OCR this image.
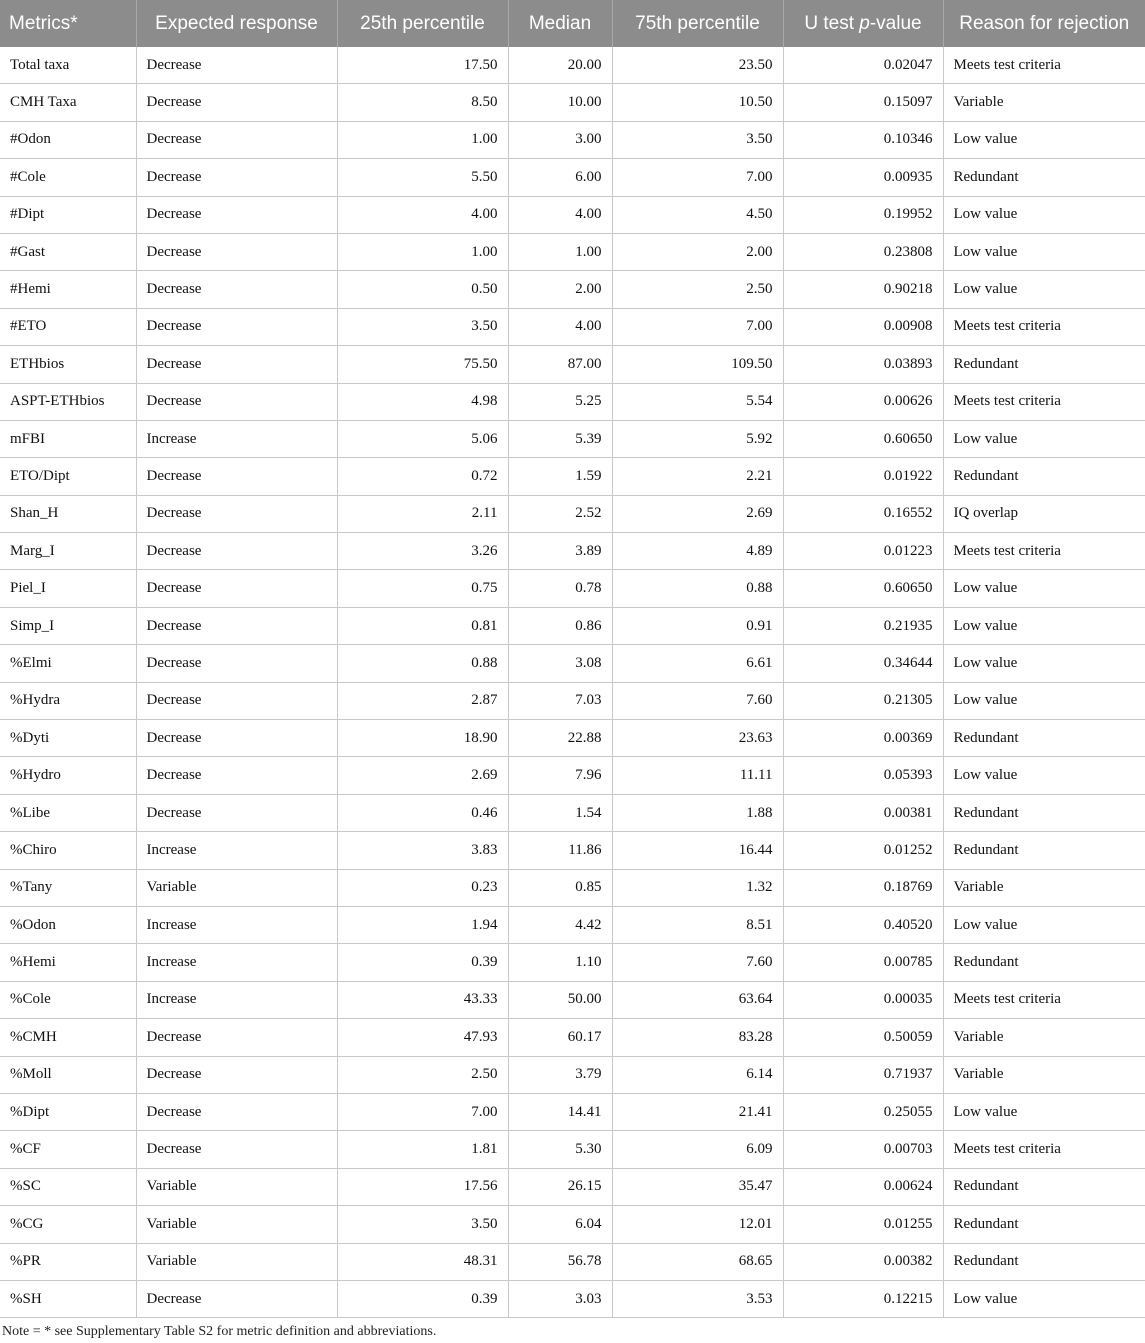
Metrics*	Expected response	25th percentile	Median	75th percentile	U test p-value	Reason for rejection
Total taxa	Decrease	17.50	20.00	23.50	0.02047	Meets test criteria
CMH Taxa	Decrease	8.50	10.00	10.50	0.15097	Variable
#Odon	Decrease	1.00	3.00	3.50	0.10346	Low value
#Cole	Decrease	5.50	6.00	7.00	0.00935	Redundant
#Dipt	Decrease	4.00	4.00	4.50	0.19952	Low value
#Gast	Decrease	1.00	1.00	2.00	0.23808	Low value
#Hemi	Decrease	0.50	2.00	2.50	0.90218	Low value
#ETO	Decrease	3.50	4.00	7.00	0.00908	Meets test criteria
ETHbios	Decrease	75.50	87.00	109.50	0.03893	Redundant
ASPT-ETHbios	Decrease	4.98	5.25	5.54	0.00626	Meets test criteria
mFBI	Increase	5.06	5.39	5.92	0.60650	Low value
ETO/Dipt	Decrease	0.72	1.59	2.21	0.01922	Redundant
Shan_H	Decrease	2.11	2.52	2.69	0.16552	IQ overlap
Marg_I	Decrease	3.26	3.89	4.89	0.01223	Meets test criteria
Piel_I	Decrease	0.75	0.78	0.88	0.60650	Low value
Simp_I	Decrease	0.81	0.86	0.91	0.21935	Low value
%Elmi	Decrease	0.88	3.08	6.61	0.34644	Low value
%Hydra	Decrease	2.87	7.03	7.60	0.21305	Low value
%Dyti	Decrease	18.90	22.88	23.63	0.00369	Redundant
%Hydro	Decrease	2.69	7.96	11.11	0.05393	Low value
%Libe	Decrease	0.46	1.54	1.88	0.00381	Redundant
%Chiro	Increase	3.83	11.86	16.44	0.01252	Redundant
%Tany	Variable	0.23	0.85	1.32	0.18769	Variable
%Odon	Increase	1.94	4.42	8.51	0.40520	Low value
%Hemi	Increase	0.39	1.10	7.60	0.00785	Redundant
%Cole	Increase	43.33	50.00	63.64	0.00035	Meets test criteria
%CMH	Decrease	47.93	60.17	83.28	0.50059	Variable
%Moll	Decrease	2.50	3.79	6.14	0.71937	Variable
%Dipt	Decrease	7.00	14.41	21.41	0.25055	Low value
%CF	Decrease	1.81	5.30	6.09	0.00703	Meets test criteria
%SC	Variable	17.56	26.15	35.47	0.00624	Redundant
%CG	Variable	3.50	6.04	12.01	0.01255	Redundant
%PR	Variable	48.31	56.78	68.65	0.00382	Redundant
%SH	Decrease	0.39	3.03	3.53	0.12215	Low value
Note = * see Supplementary Table S2 for metric definition and abbreviations.
